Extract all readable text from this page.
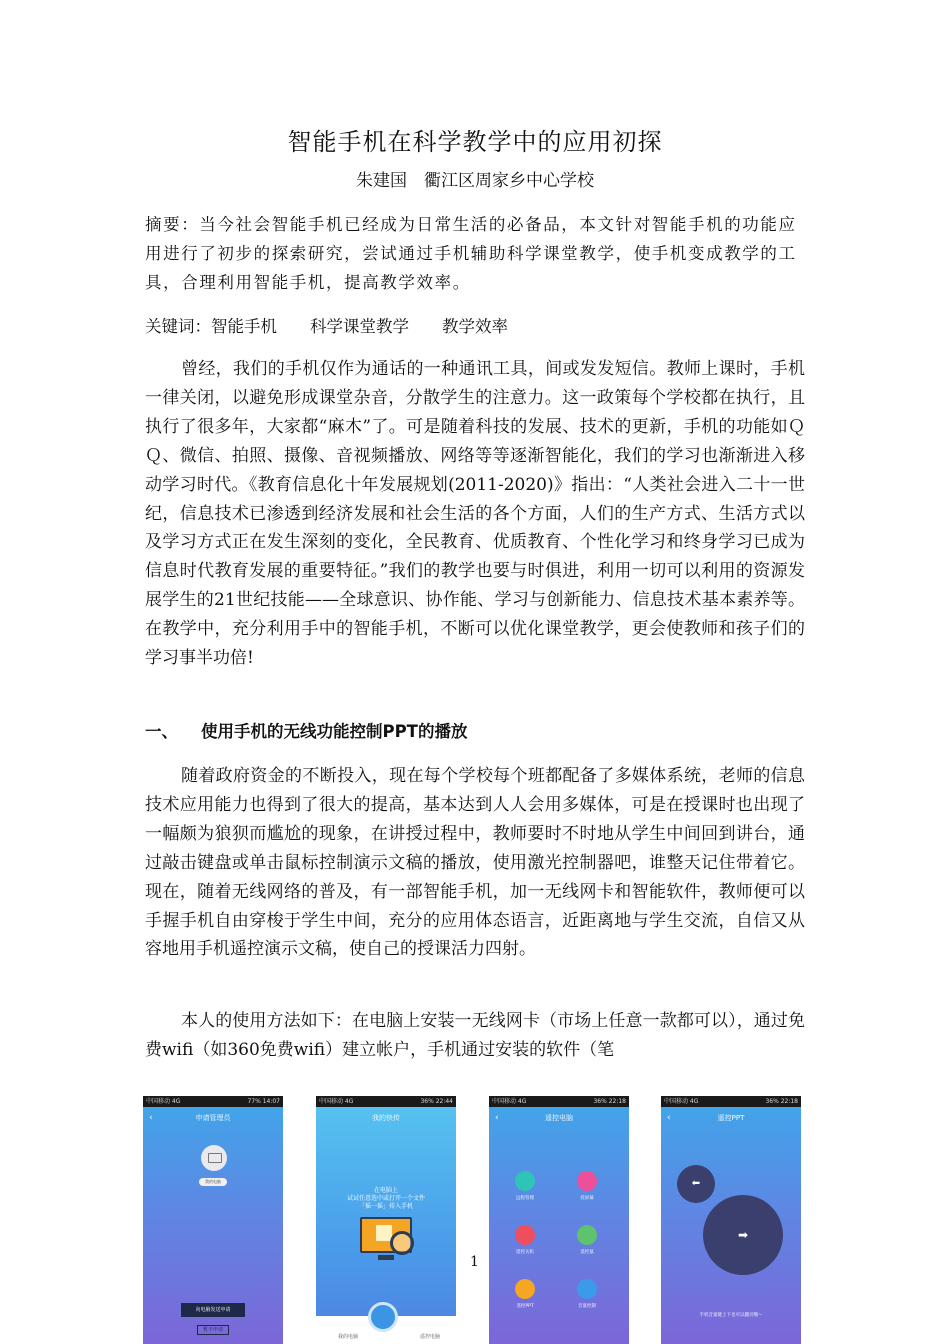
智能手机在科学教学中的应用初探
朱建国　衢江区周家乡中心学校
摘要：当今社会智能手机已经成为日常生活的必备品，本文针对智能手机的功能应用进行了初步的探索研究，尝试通过手机辅助科学课堂教学，使手机变成教学的工具，合理利用智能手机，提高教学效率。
关键词：智能手机　　科学课堂教学　　教学效率
曾经，我们的手机仅作为通话的一种通讯工具，间或发发短信。教师上课时，手机一律关闭，以避免形成课堂杂音，分散学生的注意力。这一政策每个学校都在执行，且执行了很多年，大家都“麻木”了。可是随着科技的发展、技术的更新，手机的功能如ＱＱ、微信、拍照、摄像、音视频播放、网络等等逐渐智能化，我们的学习也渐渐进入移动学习时代。《教育信息化十年发展规划(2011-2020)》指出：“人类社会进入二十一世纪，信息技术已渗透到经济发展和社会生活的各个方面，人们的生产方式、生活方式以及学习方式正在发生深刻的变化，全民教育、优质教育、个性化学习和终身学习已成为信息时代教育发展的重要特征。”我们的教学也要与时俱进，利用一切可以利用的资源发展学生的21世纪技能——全球意识、协作能、学习与创新能力、信息技术基本素养等。在教学中，充分利用手中的智能手机，不断可以优化课堂教学，更会使教师和孩子们的学习事半功倍!
一、 使用手机的无线功能控制PPT的播放
随着政府资金的不断投入，现在每个学校每个班都配备了多媒体系统，老师的信息技术应用能力也得到了很大的提高，基本达到人人会用多媒体，可是在授课时也出现了一幅颇为狼狈而尴尬的现象，在讲授过程中，教师要时不时地从学生中间回到讲台，通过敲击键盘或单击鼠标控制演示文稿的播放，使用激光控制器吧，谁整天记住带着它。现在，随着无线网络的普及，有一部智能手机，加一无线网卡和智能软件，教师便可以手握手机自由穿梭于学生中间，充分的应用体态语言，近距离地与学生交流，自信又从容地用手机遥控演示文稿，使自己的授课活力四射。
本人的使用方法如下：在电脑上安装一无线网卡（市场上任意一款都可以），通过免费wifi（如360免费wifi）建立帐户，手机通过安装的软件（笔
1
中国移动 4G	77% 14:07
‹	申请管理员
我的电脑
向电脑发送申请
暂不申请
中国移动 4G	36% 22:44
我的快传
在电脑上
试试任意选中或打开一个文件
「摇一摇」传入手机
我的电脑	遥控电脑
中国移动 4G	36% 22:18
‹	遥控电脑
远程管理	投屏幕
遥控关机	遥控鼠
遥控PPT	音量控制
中国移动 4G	36% 22:18
‹	遥控PPT
⬅
➡
手机音量键上下也可以翻页哦～
